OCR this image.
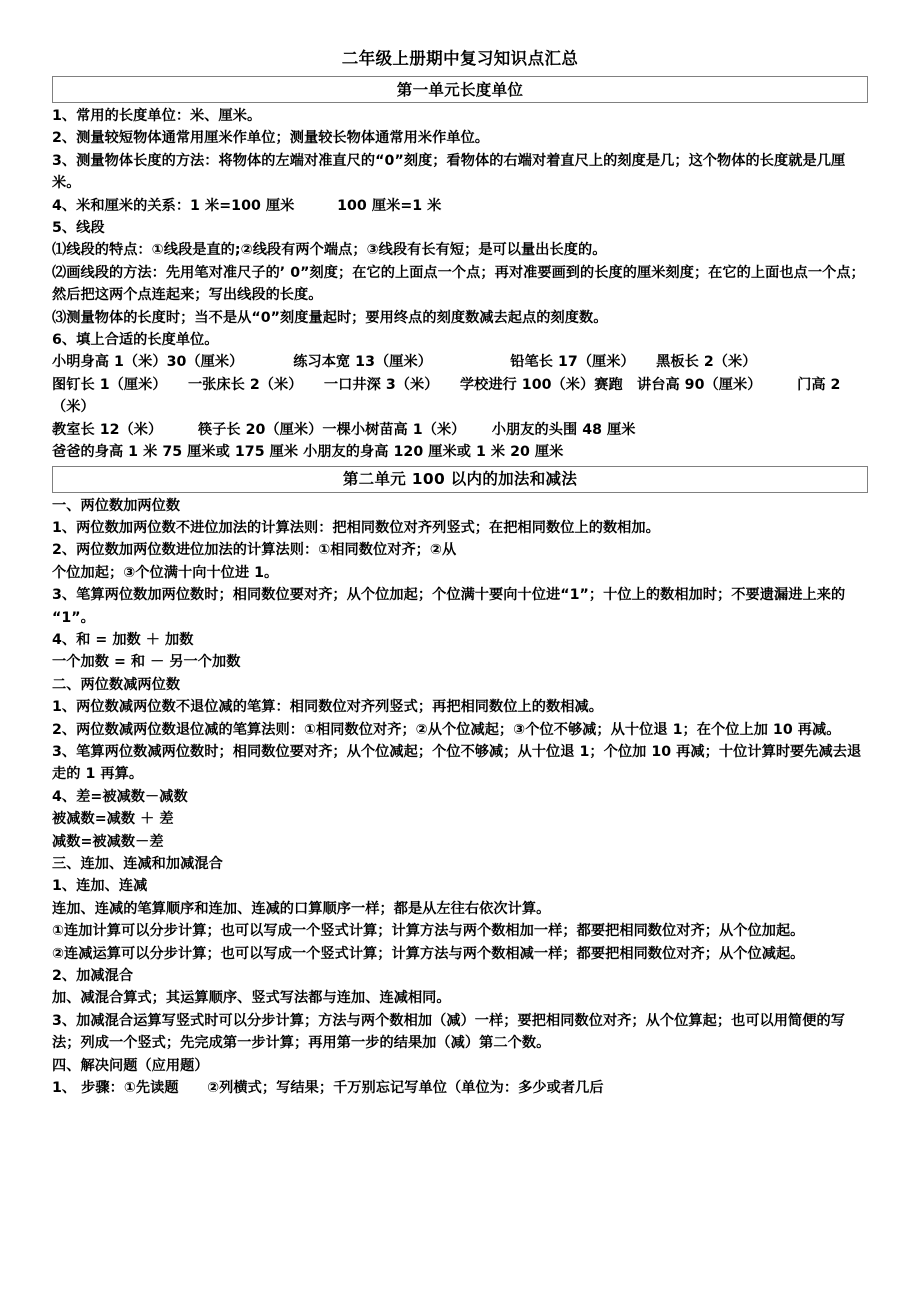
二年级上册期中复习知识点汇总
第一单元长度单位

1、常用的长度单位：米、厘米。

2、测量较短物体通常用厘米作单位；测量较长物体通常用米作单位。

3、测量物体长度的方法：将物体的左端对准直尺的“0”刻度；看物体的右端对着直尺上的刻度是几；这个物体的长度就是几厘米。

4、米和厘米的关系：1 米=100 厘米　　　100 厘米=1 米

5、线段

⑴线段的特点：①线段是直的;②线段有两个端点；③线段有长有短；是可以量出长度的。

⑵画线段的方法：先用笔对准尺子的’ 0”刻度；在它的上面点一个点；再对准要画到的长度的厘米刻度；在它的上面也点一个点；然后把这两个点连起来；写出线段的长度。

⑶测量物体的长度时；当不是从“0”刻度量起时；要用终点的刻度数减去起点的刻度数。

6、填上合适的长度单位。

小明身高 1（米）30（厘米）　　　　练习本宽 13（厘米）　　　　　　铅笔长 17（厘米）　　黑板长 2（米）

图钉长 1（厘米）　　一张床长 2（米）　　一口井深 3（米）　　学校进行 100（米）赛跑　讲台高 90（厘米）　　　门高 2（米）

教室长 12（米）　　　筷子长 20（厘米）一棵小树苗高 1（米）　　 小朋友的头围 48 厘米

爸爸的身高 1 米 75 厘米或 175 厘米 小朋友的身高 120 厘米或 1 米 20 厘米

第二单元 100 以内的加法和减法

一、两位数加两位数

1、两位数加两位数不进位加法的计算法则：把相同数位对齐列竖式；在把相同数位上的数相加。

2、两位数加两位数进位加法的计算法则：①相同数位对齐；②从

个位加起；③个位满十向十位进 1。

3、笔算两位数加两位数时；相同数位要对齐；从个位加起；个位满十要向十位进“1”；十位上的数相加时；不要遗漏进上来的“1”。

4、和 = 加数 ＋ 加数

一个加数 = 和 － 另一个加数

二、两位数减两位数

1、两位数减两位数不退位减的笔算：相同数位对齐列竖式；再把相同数位上的数相减。

2、两位数减两位数退位减的笔算法则：①相同数位对齐；②从个位减起；③个位不够减；从十位退 1；在个位上加 10 再减。

3、笔算两位数减两位数时；相同数位要对齐；从个位减起；个位不够减；从十位退 1；个位加 10 再减；十位计算时要先减去退走的 1 再算。

4、差=被减数－减数

被减数=减数 ＋ 差

减数=被减数－差

三、连加、连减和加减混合

1、连加、连减

连加、连减的笔算顺序和连加、连减的口算顺序一样；都是从左往右依次计算。

①连加计算可以分步计算；也可以写成一个竖式计算；计算方法与两个数相加一样；都要把相同数位对齐；从个位加起。

②连减运算可以分步计算；也可以写成一个竖式计算；计算方法与两个数相减一样；都要把相同数位对齐；从个位减起。

2、加减混合

加、减混合算式；其运算顺序、竖式写法都与连加、连减相同。

3、加减混合运算写竖式时可以分步计算；方法与两个数相加（减）一样；要把相同数位对齐；从个位算起；也可以用简便的写法；列成一个竖式；先完成第一步计算；再用第一步的结果加（减）第二个数。

四、解决问题（应用题）

1、 步骤：①先读题　　②列横式；写结果；千万别忘记写单位（单位为：多少或者几后
